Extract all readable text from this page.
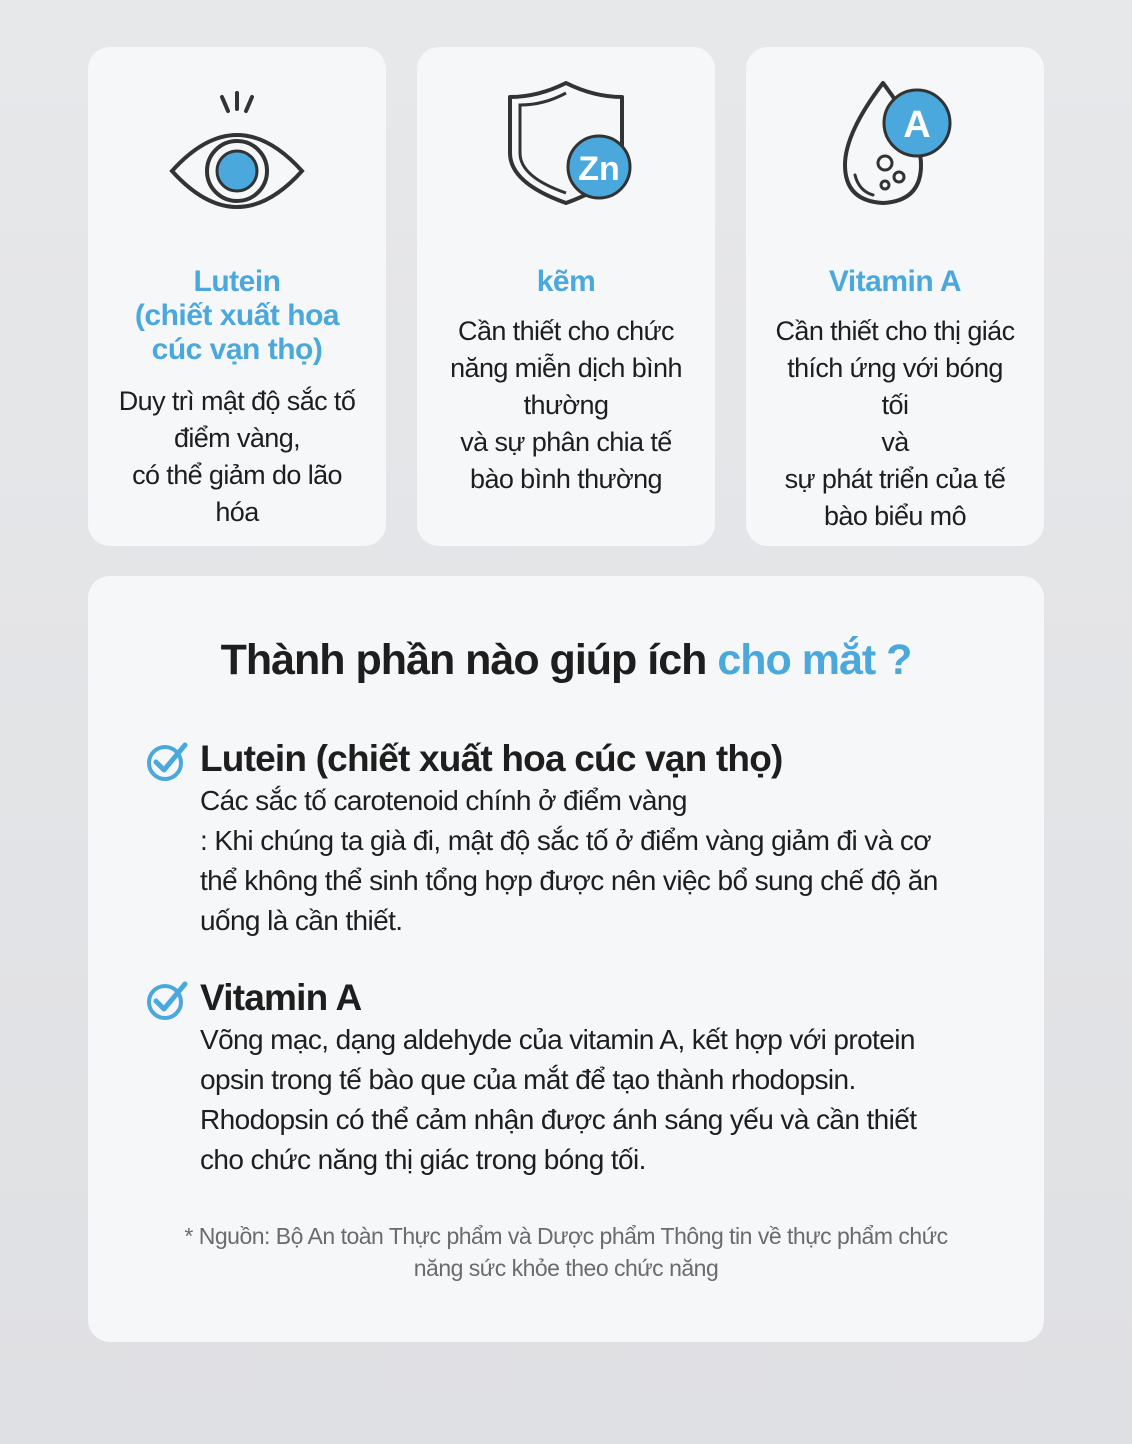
Lutein
(chiết xuất hoa
cúc vạn thọ)

Duy trì mật độ sắc tố
điểm vàng,
có thể giảm do lão
hóa

Zn
kẽm

Cần thiết cho chức
năng miễn dịch bình
thường
và sự phân chia tế
bào bình thường

A
Vitamin A

Cần thiết cho thị giác
thích ứng với bóng
tối
và
sự phát triển của tế
bào biểu mô

Thành phần nào giúp ích cho mắt ?
Lutein (chiết xuất hoa cúc vạn thọ)
Các sắc tố carotenoid chính ở điểm vàng
: Khi chúng ta già đi, mật độ sắc tố ở điểm vàng giảm đi và cơ
thể không thể sinh tổng hợp được nên việc bổ sung chế độ ăn
uống là cần thiết.
Vitamin A
Võng mạc, dạng aldehyde của vitamin A, kết hợp với protein
opsin trong tế bào que của mắt để tạo thành rhodopsin.
Rhodopsin có thể cảm nhận được ánh sáng yếu và cần thiết
cho chức năng thị giác trong bóng tối.
* Nguồn: Bộ An toàn Thực phẩm và Dược phẩm Thông tin về thực phẩm chức
năng sức khỏe theo chức năng
